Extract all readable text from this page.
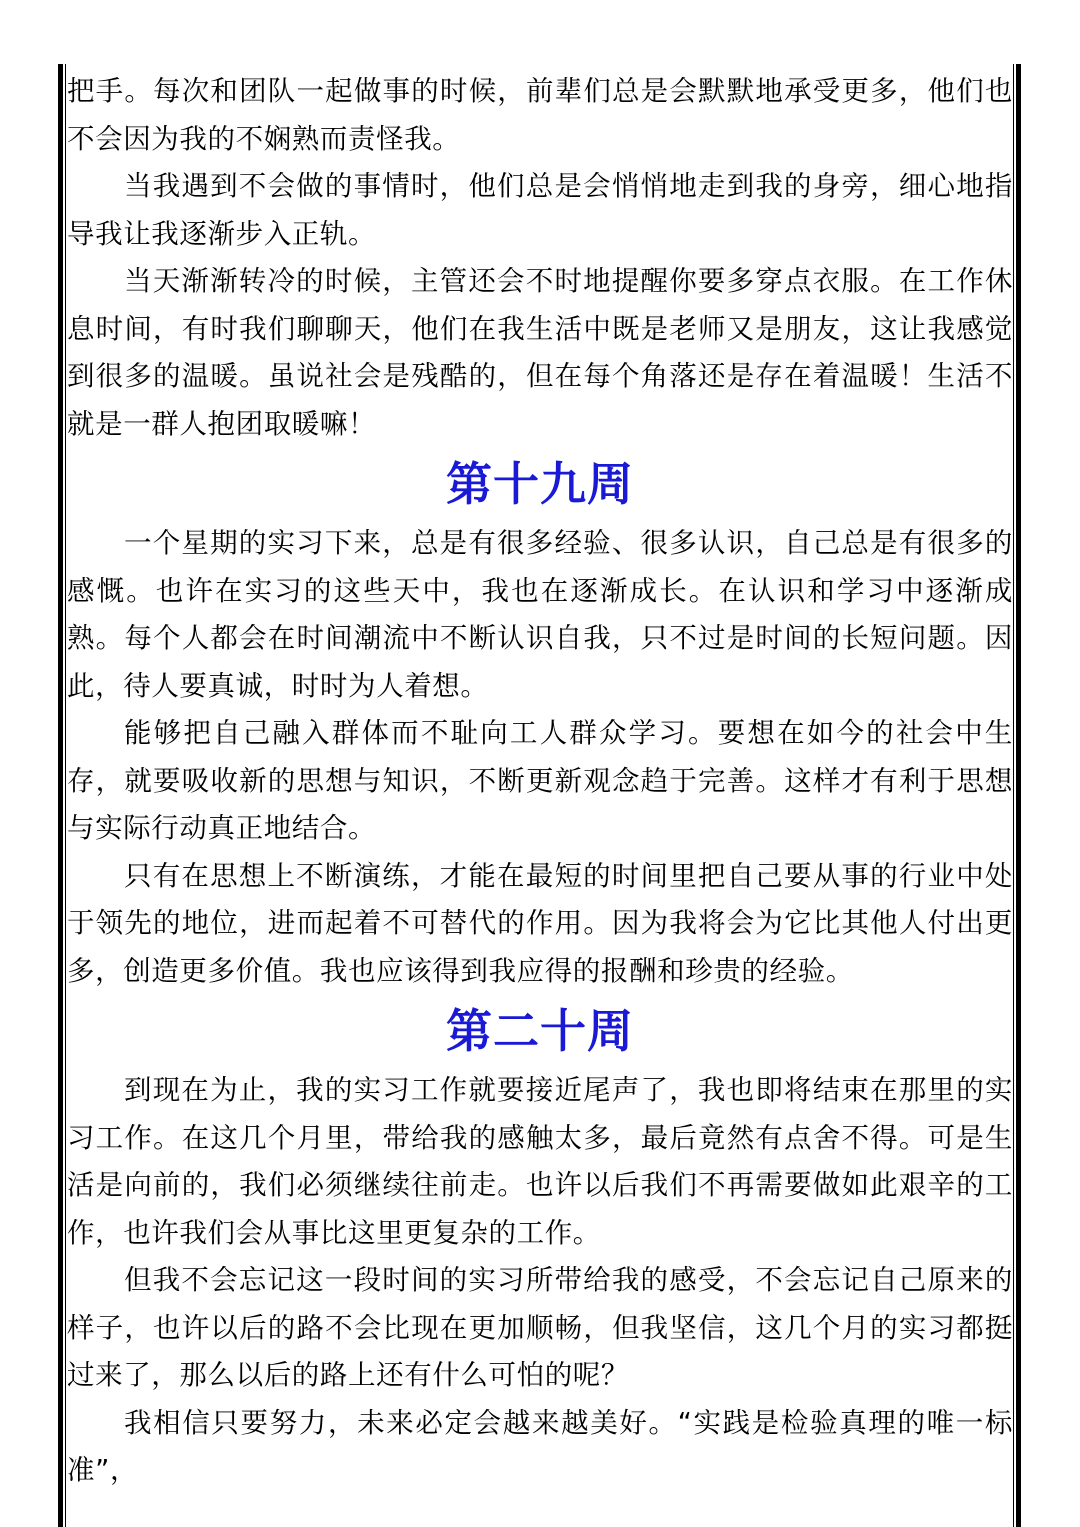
把手。每次和团队一起做事的时候，前辈们总是会默默地承受更多，他们也不会因为我的不娴熟而责怪我。

当我遇到不会做的事情时，他们总是会悄悄地走到我的身旁，细心地指导我让我逐渐步入正轨。

当天渐渐转冷的时候，主管还会不时地提醒你要多穿点衣服。在工作休息时间，有时我们聊聊天，他们在我生活中既是老师又是朋友，这让我感觉到很多的温暖。虽说社会是残酷的，但在每个角落还是存在着温暖！生活不就是一群人抱团取暖嘛！

第十九周

一个星期的实习下来，总是有很多经验、很多认识，自己总是有很多的感慨。也许在实习的这些天中，我也在逐渐成长。在认识和学习中逐渐成熟。每个人都会在时间潮流中不断认识自我，只不过是时间的长短问题。因此，待人要真诚，时时为人着想。

能够把自己融入群体而不耻向工人群众学习。要想在如今的社会中生存，就要吸收新的思想与知识，不断更新观念趋于完善。这样才有利于思想与实际行动真正地结合。

只有在思想上不断演练，才能在最短的时间里把自己要从事的行业中处于领先的地位，进而起着不可替代的作用。因为我将会为它比其他人付出更多，创造更多价值。我也应该得到我应得的报酬和珍贵的经验。

第二十周

到现在为止，我的实习工作就要接近尾声了，我也即将结束在那里的实习工作。在这几个月里，带给我的感触太多，最后竟然有点舍不得。可是生活是向前的，我们必须继续往前走。也许以后我们不再需要做如此艰辛的工作，也许我们会从事比这里更复杂的工作。

但我不会忘记这一段时间的实习所带给我的感受，不会忘记自己原来的样子，也许以后的路不会比现在更加顺畅，但我坚信，这几个月的实习都挺过来了，那么以后的路上还有什么可怕的呢？

我相信只要努力，未来必定会越来越美好。“实践是检验真理的唯一标准”，
